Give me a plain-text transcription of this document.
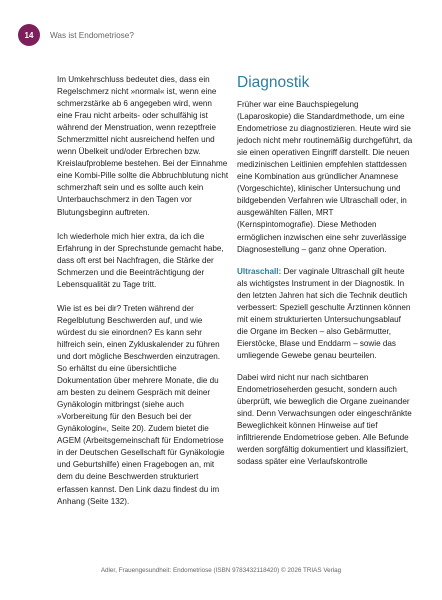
14	Was ist Endometriose?

Im Umkehrschluss bedeutet dies, dass ein Regelschmerz nicht »normal« ist, wenn eine schmerzstärke ab 6 angegeben wird, wenn eine Frau nicht arbeits- oder schulfähig ist während der Menstruation, wenn rezeptfreie Schmerzmittel nicht ausreichend helfen und wenn Übelkeit und/oder Erbrechen bzw. Kreislaufprobleme bestehen. Bei der Einnahme eine Kombi-Pille sollte die Abbruchblutung nicht schmerzhaft sein und es sollte auch kein Unterbauchschmerz in den Tagen vor Blutungsbeginn auftreten.

Ich wiederhole mich hier extra, da ich die Erfahrung in der Sprechstunde gemacht habe, dass oft erst bei Nachfragen, die Stärke der Schmerzen und die Beeinträchtigung der Lebensqualität zu Tage tritt.

Wie ist es bei dir? Treten während der Regelblutung Beschwerden auf, und wie würdest du sie einordnen? Es kann sehr hilfreich sein, einen Zykluskalender zu führen und dort mögliche Beschwerden einzutragen. So erhältst du eine übersichtliche Dokumentation über mehrere Monate, die du am besten zu deinem Gespräch mit deiner Gynäkologin mitbringst (siehe auch »Vorbereitung für den Besuch bei der Gynäkologin«, Seite 20). Zudem bietet die AGEM (Arbeitsgemeinschaft für Endometriose in der Deutschen Gesellschaft für Gynäkologie und Geburtshilfe) einen Fragebogen an, mit dem du deine Beschwerden strukturiert erfassen kannst. Den Link dazu findest du im Anhang (Seite 132).

Diagnostik

Früher war eine Bauchspiegelung (Laparoskopie) die Standardmethode, um eine Endometriose zu diagnostizieren. Heute wird sie jedoch nicht mehr routinemäßig durchgeführt, da sie einen operativen Eingriff darstellt. Die neuen medizinischen Leitlinien empfehlen stattdessen eine Kombination aus gründlicher Anamnese (Vorgeschichte), klinischer Untersuchung und bildgebenden Verfahren wie Ultraschall oder, in ausgewählten Fällen, MRT (Kernspintomografie). Diese Methoden ermöglichen inzwischen eine sehr zuverlässige Diagnosestellung – ganz ohne Operation.

Ultraschall: Der vaginale Ultraschall gilt heute als wichtigstes Instrument in der Diagnostik. In den letzten Jahren hat sich die Technik deutlich verbessert: Speziell geschulte Ärztinnen können mit einem strukturierten Untersuchungsablauf die Organe im Becken – also Gebärmutter, Eierstöcke, Blase und Enddarm – sowie das umliegende Gewebe genau beurteilen.

Dabei wird nicht nur nach sichtbaren Endometrioseherden gesucht, sondern auch überprüft, wie beweglich die Organe zueinander sind. Denn Verwachsungen oder eingeschränkte Beweglichkeit können Hinweise auf tief infiltrierende Endometriose geben. Alle Befunde werden sorgfältig dokumentiert und klassifiziert, sodass später eine Verlaufskontrolle

Adler, Frauengesundheit: Endometriose (ISBN 9783432118420) © 2026 TRIAS Verlag
